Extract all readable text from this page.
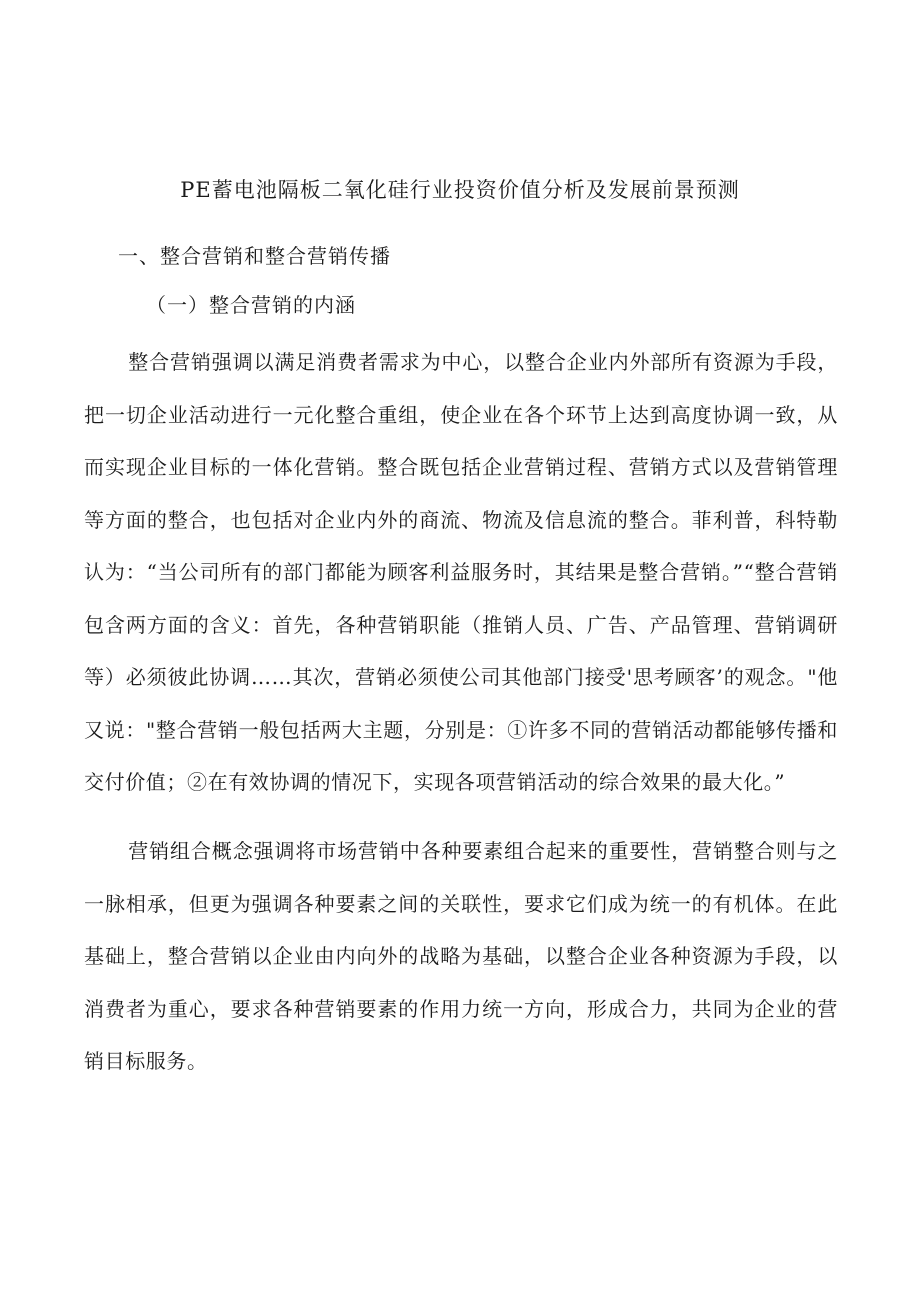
PE蓄电池隔板二氧化硅行业投资价值分析及发展前景预测
一、整合营销和整合营销传播
（一）整合营销的内涵

整合营销强调以满足消费者需求为中心，以整合企业内外部所有资源为手段，把一切企业活动进行一元化整合重组，使企业在各个环节上达到高度协调一致，从而实现企业目标的一体化营销。整合既包括企业营销过程、营销方式以及营销管理等方面的整合，也包括对企业内外的商流、物流及信息流的整合。菲利普，科特勒认为：“当公司所有的部门都能为顾客利益服务时，其结果是整合营销。”“整合营销包含两方面的含义：首先，各种营销职能（推销人员、广告、产品管理、营销调研等）必须彼此协调……其次，营销必须使公司其他部门接受'思考顾客’的观念。"他又说："整合营销一般包括两大主题，分别是：①许多不同的营销活动都能够传播和交付价值；②在有效协调的情况下，实现各项营销活动的综合效果的最大化。”

营销组合概念强调将市场营销中各种要素组合起来的重要性，营销整合则与之一脉相承，但更为强调各种要素之间的关联性，要求它们成为统一的有机体。在此基础上，整合营销以企业由内向外的战略为基础，以整合企业各种资源为手段，以消费者为重心，要求各种营销要素的作用力统一方向，形成合力，共同为企业的营销目标服务。
